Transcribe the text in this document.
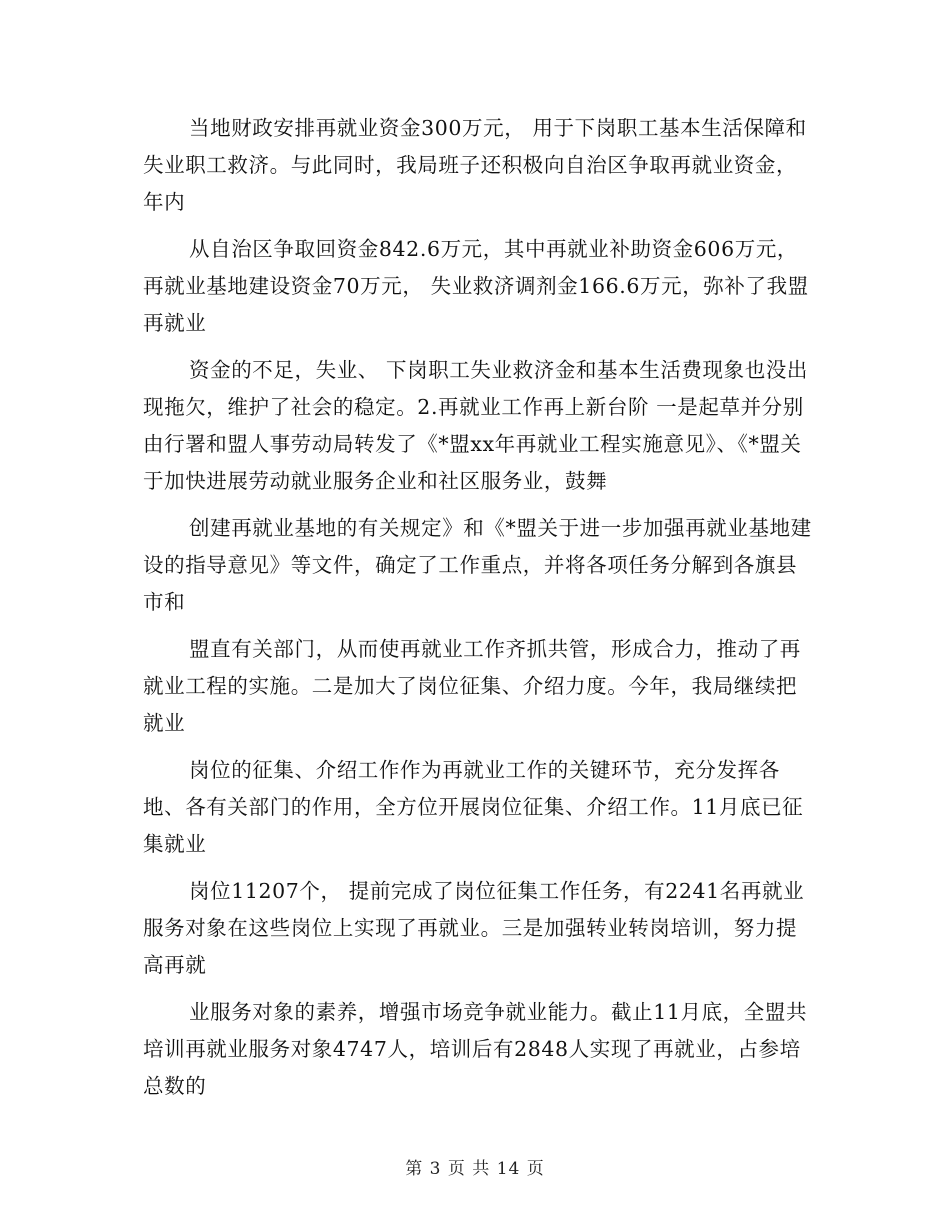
当地财政安排再就业资金300万元， 用于下岗职工基本生活保障和失业职工救济。与此同时，我局班子还积极向自治区争取再就业资金，年内

从自治区争取回资金842.6万元，其中再就业补助资金606万元，再就业基地建设资金70万元， 失业救济调剂金166.6万元，弥补了我盟再就业

资金的不足，失业、 下岗职工失业救济金和基本生活费现象也没出现拖欠，维护了社会的稳定。2.再就业工作再上新台阶 一是起草并分别由行署和盟人事劳动局转发了《*盟xx年再就业工程实施意见》、《*盟关于加快进展劳动就业服务企业和社区服务业，鼓舞

创建再就业基地的有关规定》和《*盟关于进一步加强再就业基地建设的指导意见》等文件，确定了工作重点，并将各项任务分解到各旗县市和

盟直有关部门，从而使再就业工作齐抓共管，形成合力，推动了再就业工程的实施。二是加大了岗位征集、介绍力度。今年，我局继续把就业

岗位的征集、介绍工作作为再就业工作的关键环节，充分发挥各地、各有关部门的作用，全方位开展岗位征集、介绍工作。11月底已征集就业

岗位11207个， 提前完成了岗位征集工作任务，有2241名再就业服务对象在这些岗位上实现了再就业。三是加强转业转岗培训，努力提高再就

业服务对象的素养，增强市场竞争就业能力。截止11月底，全盟共培训再就业服务对象4747人，培训后有2848人实现了再就业，占参培总数的

第 3 页 共 14 页
